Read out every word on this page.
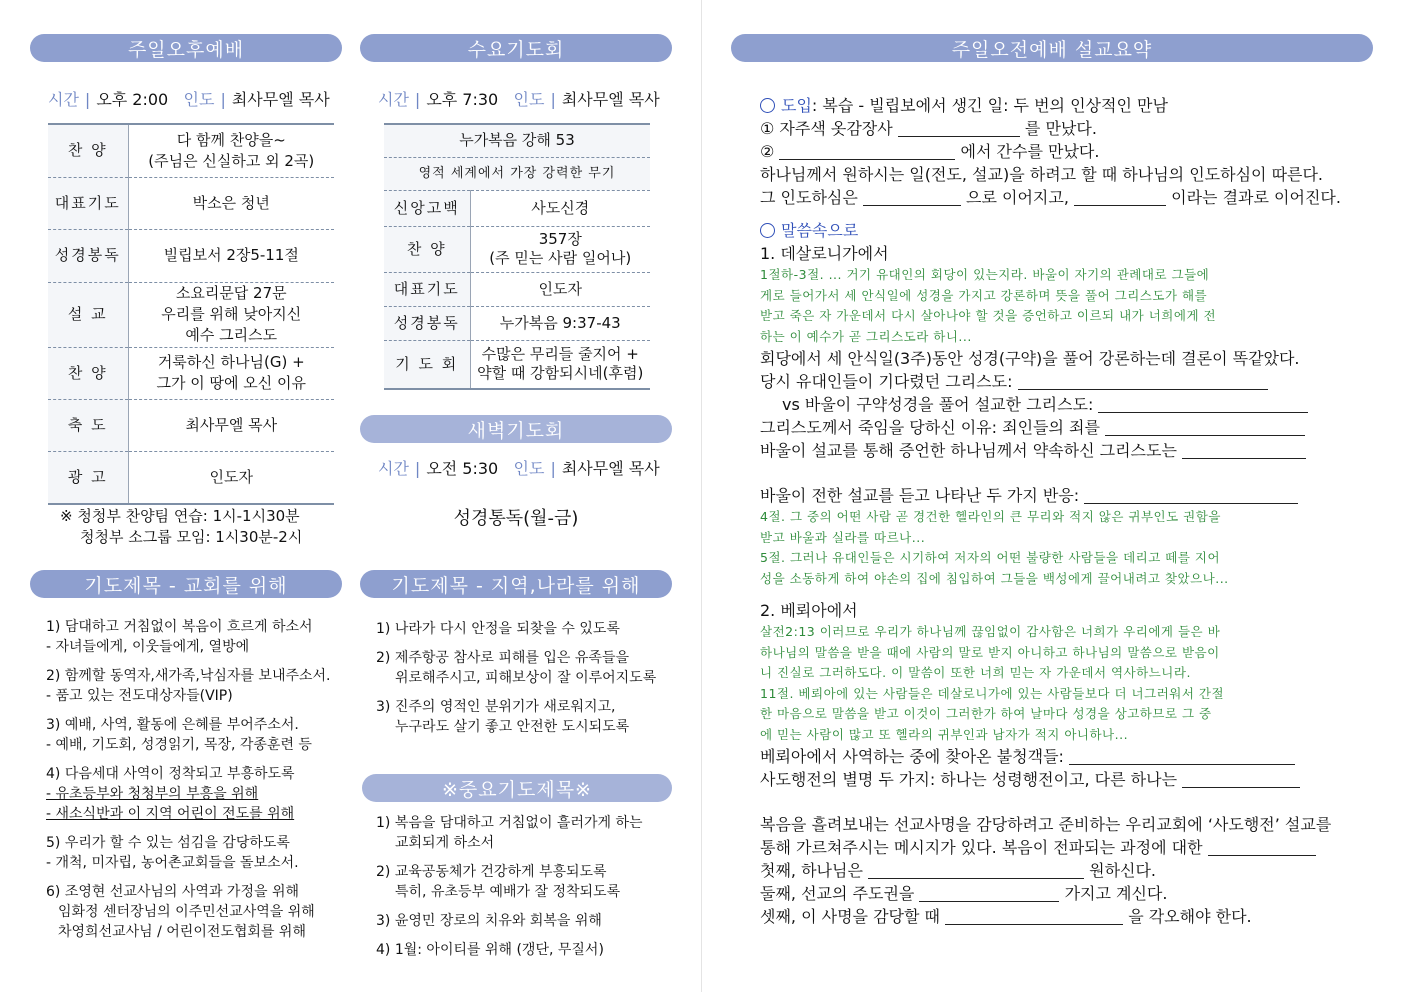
주일오후예배
시간 | 오후 2:00 인도 | 최사무엘 목사
찬 양	다 함께 찬양을~
(주님은 신실하고 외 2곡)

대표기도	박소은 청년

성경봉독	빌립보서 2장5-11절

설 교	소요리문답 27문
우리를 위해 낮아지신
예수 그리스도

찬 양	거룩하신 하나님(G) +
그가 이 땅에 오신 이유

축 도	최사무엘 목사

광 고	인도자
※ 청청부 찬양팀 연습: 1시-1시30분
청청부 소그룹 모임: 1시30분-2시
기도제목 - 교회를 위해
1) 담대하고 거침없이 복음이 흐르게 하소서
- 자녀들에게, 이웃들에게, 열방에
2) 함께할 동역자,새가족,낙심자를 보내주소서.
- 품고 있는 전도대상자들(VIP)
3) 예배, 사역, 활동에 은혜를 부어주소서.
- 예배, 기도회, 성경읽기, 목장, 각종훈련 등
4) 다음세대 사역이 정착되고 부흥하도록
- 유초등부와 청청부의 부흥을 위해
- 새소식반과 이 지역 어린이 전도를 위해
5) 우리가 할 수 있는 섬김을 감당하도록
- 개척, 미자립, 농어촌교회들을 돌보소서.
6) 조영현 선교사님의 사역과 가정을 위해
임화정 센터장님의 이주민선교사역을 위해
차영희선교사님 / 어린이전도협회를 위해
수요기도회
시간 | 오후 7:30 인도 | 최사무엘 목사
누가복음 강해 53	
영적 세계에서 가장 강력한 무기	
신앙고백	사도신경

찬 양	357장
(주 믿는 사람 일어나)

대표기도	인도자

성경봉독	누가복음 9:37-43

기 도 회	수많은 무리들 줄지어 +
약할 때 강함되시네(후렴)
새벽기도회
시간 | 오전 5:30 인도 | 최사무엘 목사
성경통독(월-금)
기도제목 - 지역,나라를 위해
1) 나라가 다시 안정을 되찾을 수 있도록
2) 제주항공 참사로 피해를 입은 유족들을
위로해주시고, 피해보상이 잘 이루어지도록
3) 진주의 영적인 분위기가 새로워지고,
누구라도 살기 좋고 안전한 도시되도록
※중요기도제목※
1) 복음을 담대하고 거침없이 흘러가게 하는
교회되게 하소서
2) 교육공동체가 건강하게 부흥되도록
특히, 유초등부 예배가 잘 정착되도록
3) 윤영민 장로의 치유와 회복을 위해
4) 1월: 아이티를 위해 (갱단, 무질서)
주일오전예배 설교요약
도입: 복습 - 빌립보에서 생긴 일: 두 번의 인상적인 만남
① 자주색 옷감장사	를 만났다.
②	에서 간수를 만났다.
하나님께서 원하시는 일(전도, 설교)을 하려고 할 때 하나님의 인도하심이 따른다.
그 인도하심은	으로 이어지고,	이라는 결과로 이어진다.
말씀속으로
1. 데살로니가에서
1절하-3절. ... 거기 유대인의 회당이 있는지라. 바울이 자기의 관례대로 그들에
게로 들어가서 세 안식일에 성경을 가지고 강론하며 뜻을 풀어 그리스도가 해를
받고 죽은 자 가운데서 다시 살아나야 할 것을 증언하고 이르되 내가 너희에게 전
하는 이 예수가 곧 그리스도라 하니...
회당에서 세 안식일(3주)동안 성경(구약)을 풀어 강론하는데 결론이 똑같았다.
당시 유대인들이 기다렸던 그리스도:
vs 바울이 구약성경을 풀어 설교한 그리스도:
그리스도께서 죽임을 당하신 이유: 죄인들의 죄를
바울이 설교를 통해 증언한 하나님께서 약속하신 그리스도는
바울이 전한 설교를 듣고 나타난 두 가지 반응:
4절. 그 중의 어떤 사람 곧 경건한 헬라인의 큰 무리와 적지 않은 귀부인도 권함을
받고 바울과 실라를 따르나...
5절. 그러나 유대인들은 시기하여 저자의 어떤 불량한 사람들을 데리고 떼를 지어
성을 소동하게 하여 야손의 집에 침입하여 그들을 백성에게 끌어내려고 찾았으나...
2. 베뢰아에서
살전2:13 이러므로 우리가 하나님께 끊임없이 감사함은 너희가 우리에게 들은 바
하나님의 말씀을 받을 때에 사람의 말로 받지 아니하고 하나님의 말씀으로 받음이
니 진실로 그러하도다. 이 말씀이 또한 너희 믿는 자 가운데서 역사하느니라.
11절. 베뢰아에 있는 사람들은 데살로니가에 있는 사람들보다 더 너그러워서 간절
한 마음으로 말씀을 받고 이것이 그러한가 하여 날마다 성경을 상고하므로 그 중
에 믿는 사람이 많고 또 헬라의 귀부인과 남자가 적지 아니하나...
베뢰아에서 사역하는 중에 찾아온 불청객들:
사도행전의 별명 두 가지: 하나는 성령행전이고, 다른 하나는
복음을 흘려보내는 선교사명을 감당하려고 준비하는 우리교회에 ‘사도행전’ 설교를
통해 가르쳐주시는 메시지가 있다. 복음이 전파되는 과정에 대한
첫째, 하나님은	원하신다.
둘째, 선교의 주도권을	가지고 계신다.
셋째, 이 사명을 감당할 때	을 각오해야 한다.
